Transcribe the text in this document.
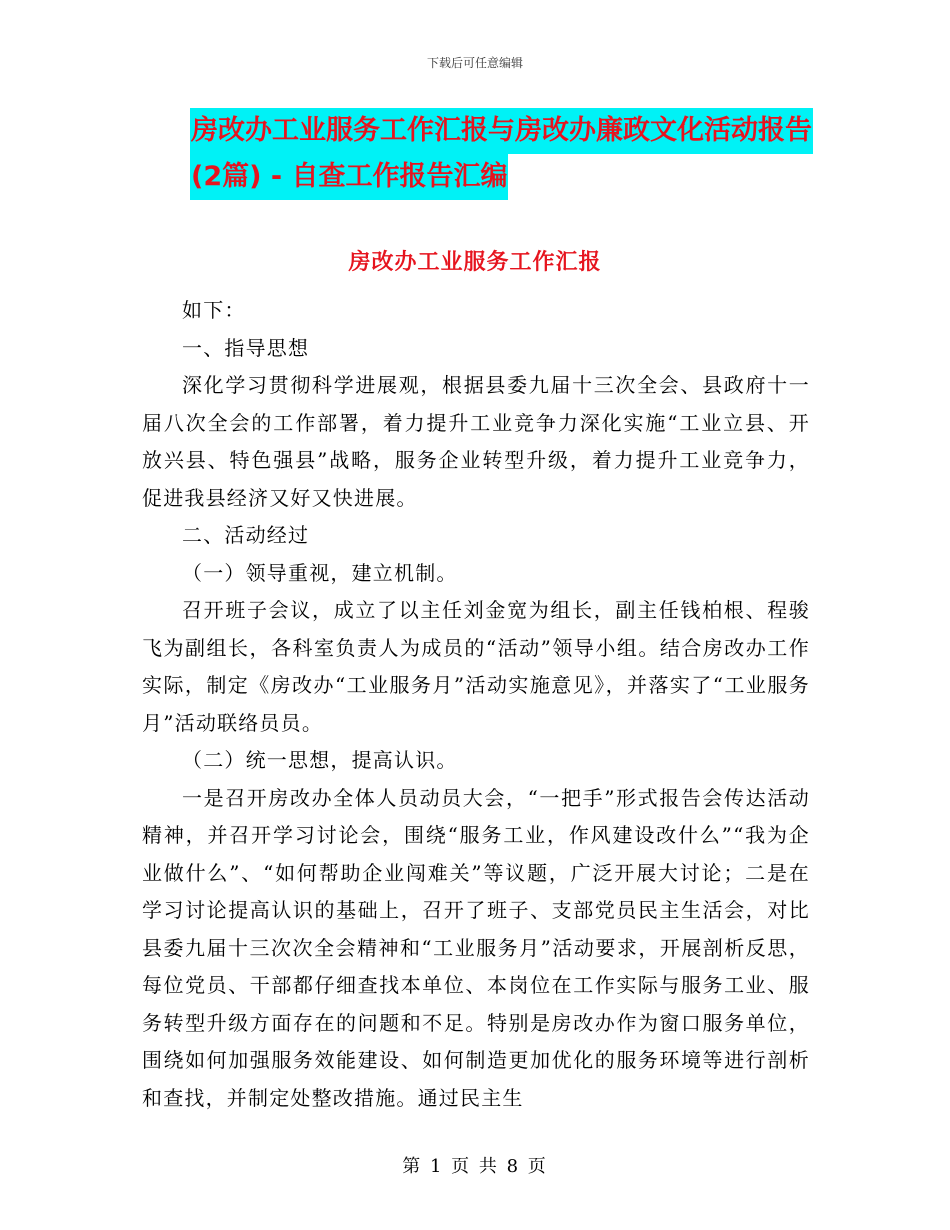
下载后可任意编辑
房改办工业服务工作汇报与房改办廉政文化活动报告
(2篇) - 自查工作报告汇编
房改办工业服务工作汇报

如下：

一、指导思想

深化学习贯彻科学进展观，根据县委九届十三次全会、县政府十一届八次全会的工作部署，着力提升工业竞争力深化实施“工业立县、开放兴县、特色强县”战略，服务企业转型升级，着力提升工业竞争力，促进我县经济又好又快进展。

二、活动经过

（一）领导重视，建立机制。

召开班子会议，成立了以主任刘金宽为组长，副主任钱柏根、程骏飞为副组长，各科室负责人为成员的“活动”领导小组。结合房改办工作实际，制定《房改办“工业服务月”活动实施意见》，并落实了“工业服务月”活动联络员员。

（二）统一思想，提高认识。

一是召开房改办全体人员动员大会，“一把手”形式报告会传达活动精神，并召开学习讨论会，围绕“服务工业，作风建设改什么”“我为企业做什么”、“如何帮助企业闯难关”等议题，广泛开展大讨论；二是在学习讨论提高认识的基础上，召开了班子、支部党员民主生活会，对比县委九届十三次次全会精神和“工业服务月”活动要求，开展剖析反思，每位党员、干部都仔细查找本单位、本岗位在工作实际与服务工业、服务转型升级方面存在的问题和不足。特别是房改办作为窗口服务单位，围绕如何加强服务效能建设、如何制造更加优化的服务环境等进行剖析和查找，并制定处整改措施。通过民主生

第 1 页 共 8 页
